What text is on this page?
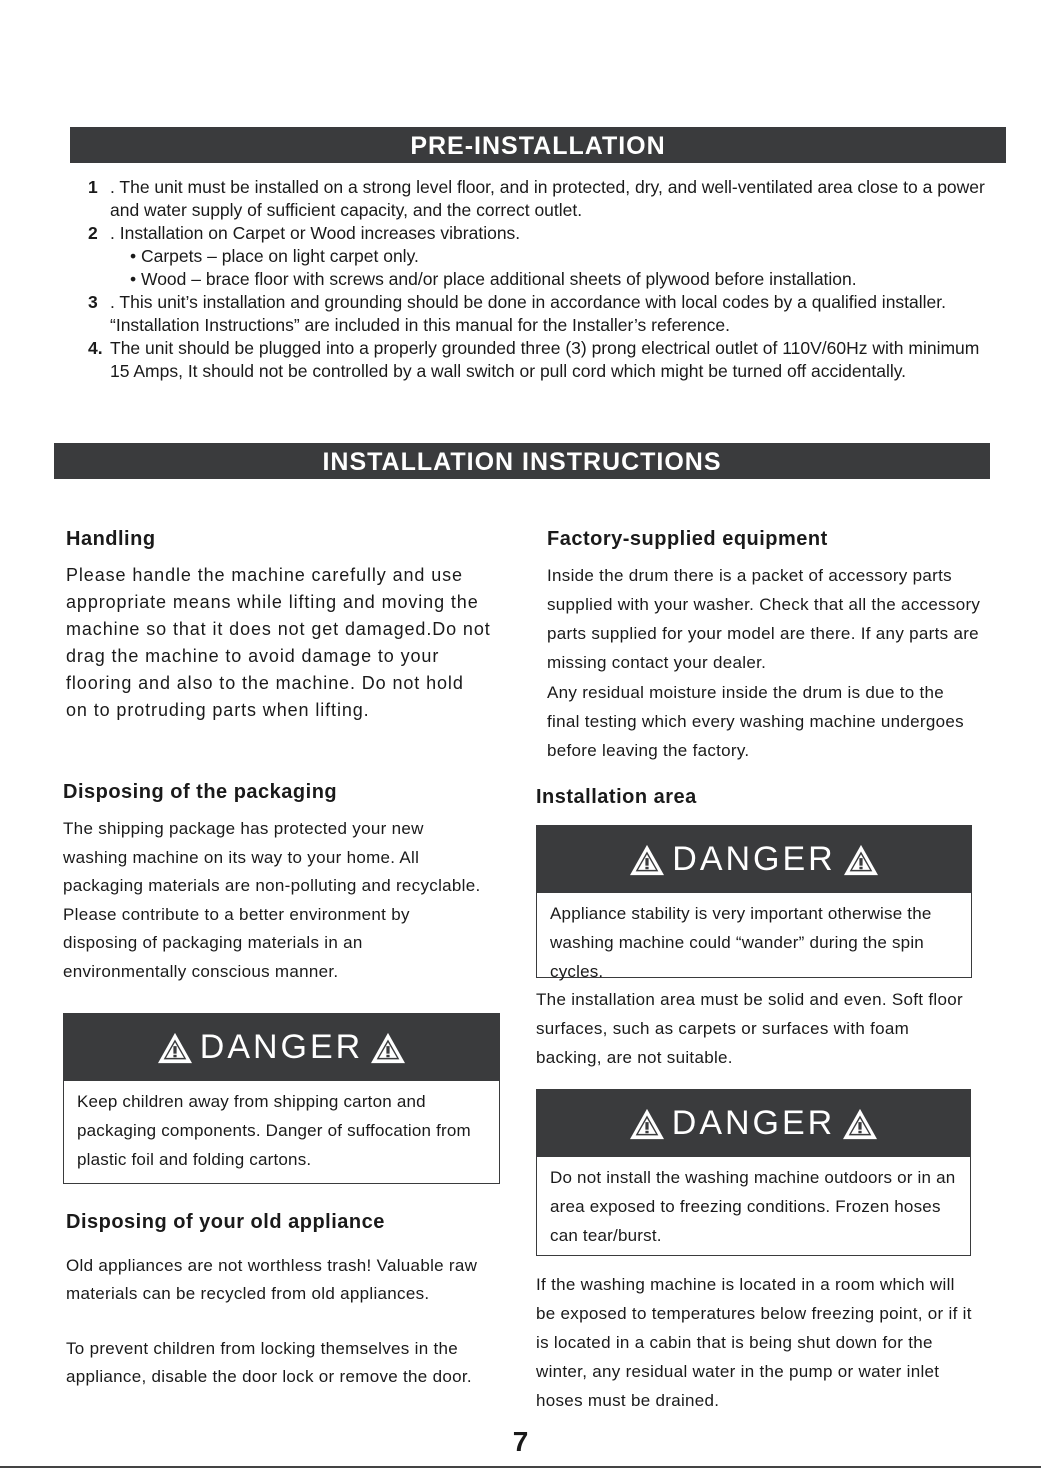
PRE-INSTALLATION
1 . The unit must be installed on a strong level floor, and in protected, dry, and well-ventilated area close to a power and water supply of sufficient capacity, and the correct outlet.
2 . Installation on Carpet or Wood increases vibrations.
• Carpets – place on light carpet only.
• Wood – brace floor with screws and/or place additional sheets of plywood before installation.
3 . This unit’s installation and grounding should be done in accordance with local codes by a qualified installer. “Installation Instructions” are included in this manual for the Installer’s reference.
4. The unit should be plugged into a properly grounded three (3) prong electrical outlet of 110V/60Hz with minimum 15 Amps, It should not be controlled by a wall switch or pull cord which might be turned off accidentally.
INSTALLATION INSTRUCTIONS
Handling

Please handle the machine carefully and use appropriate means while lifting and moving the machine so that it does not get damaged.Do not drag the machine to avoid damage to your flooring and also to the machine. Do not hold on to protruding parts when lifting.

Disposing of the packaging

The shipping package has protected your new washing machine on its way to your home. All packaging materials are non-polluting and recyclable. Please contribute to a better environment by disposing of packaging materials in an environmentally conscious manner.

DANGER
Keep children away from shipping carton and packaging components. Danger of suffocation from plastic foil and folding cartons.
Disposing of your old appliance

Old appliances are not worthless trash! Valuable raw materials can be recycled from old appliances.

To prevent children from locking themselves in the appliance, disable the door lock or remove the door.

Factory-supplied equipment

Inside the drum there is a packet of accessory parts supplied with your washer. Check that all the accessory parts supplied for your model are there. If any parts are missing contact your dealer.

Any residual moisture inside the drum is due to the final testing which every washing machine undergoes before leaving the factory.

Installation area
DANGER
Appliance stability is very important otherwise the washing machine could “wander” during the spin cycles.

The installation area must be solid and even. Soft floor surfaces, such as carpets or surfaces with foam backing, are not suitable.

DANGER
Do not install the washing machine outdoors or in an area exposed to freezing conditions. Frozen hoses can tear/burst.

If the washing machine is located in a room which will be exposed to temperatures below freezing point, or if it is located in a cabin that is being shut down for the winter, any residual water in the pump or water inlet hoses must be drained.

7
